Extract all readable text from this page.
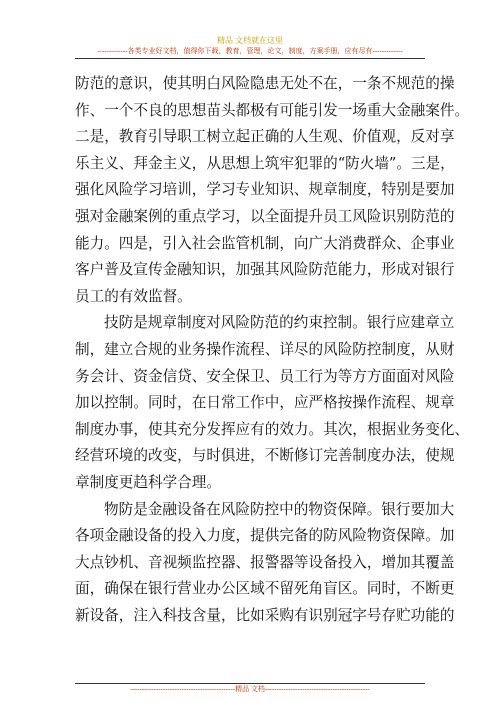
精品 文档就在这里
-------------各类专业好文档，值得你下载，教育，管理，论文，制度，方案手册，应有尽有-------------

防范的意识，使其明白风险隐患无处不在，一条不规范的操
作、一个不良的思想苗头都极有可能引发一场重大金融案件。
二是，教育引导职工树立起正确的人生观、价值观，反对享
乐主义、拜金主义，从思想上筑牢犯罪的“防火墙”。三是，
强化风险学习培训，学习专业知识、规章制度，特别是要加
强对金融案例的重点学习，以全面提升员工风险识别防范的
能力。四是，引入社会监管机制，向广大消费群众、企事业
客户普及宣传金融知识，加强其风险防范能力，形成对银行
员工的有效监督。

技防是规章制度对风险防范的约束控制。银行应建章立
制，建立合规的业务操作流程、详尽的风险防控制度，从财
务会计、资金信贷、安全保卫、员工行为等方方面面对风险
加以控制。同时，在日常工作中，应严格按操作流程、规章
制度办事，使其充分发挥应有的效力。其次，根据业务变化、
经营环境的改变，与时俱进，不断修订完善制度办法，使规
章制度更趋科学合理。

物防是金融设备在风险防控中的物资保障。银行要加大
各项金融设备的投入力度，提供完备的防风险物资保障。加
大点钞机、音视频监控器、报警器等设备投入，增加其覆盖
面，确保在银行营业办公区域不留死角盲区。同时，不断更
新设备，注入科技含量，比如采购有识别冠字号存贮功能的

---------------------------------------------精品 文档---------------------------------------------
